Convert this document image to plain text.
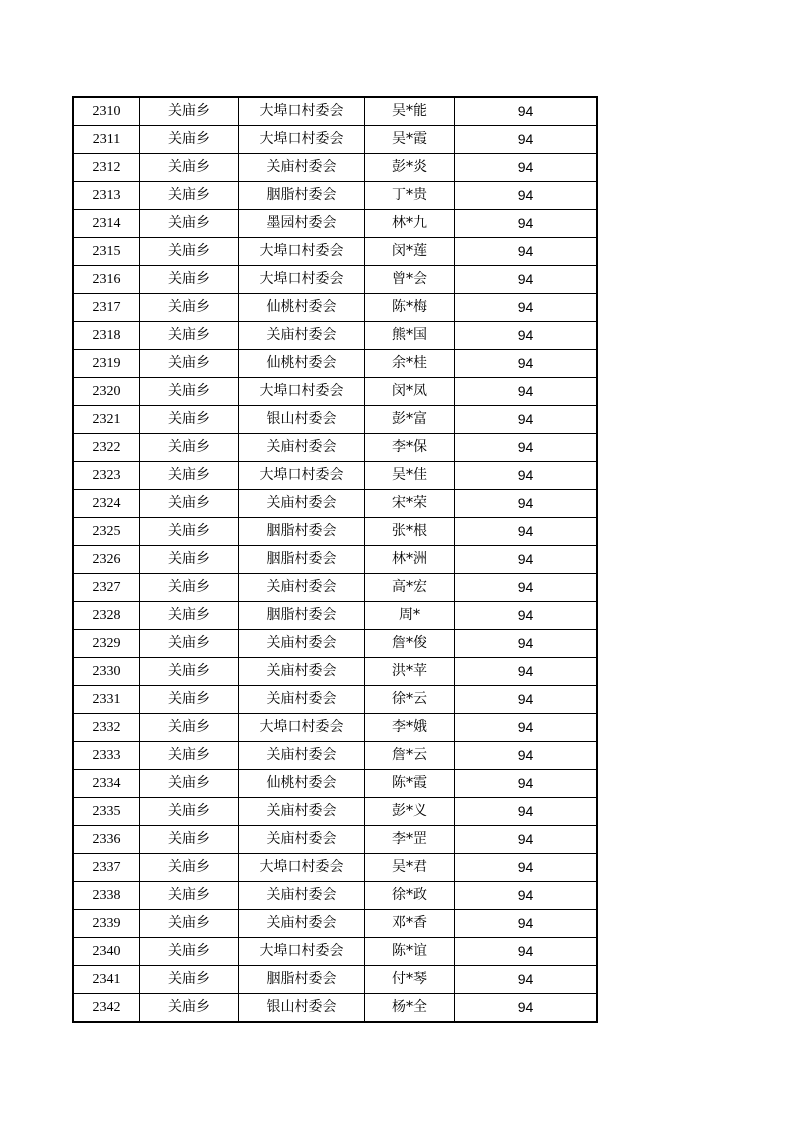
2310	关庙乡	大埠口村委会	吴*能	94
2311	关庙乡	大埠口村委会	吴*霞	94
2312	关庙乡	关庙村委会	彭*炎	94
2313	关庙乡	胭脂村委会	丁*贵	94
2314	关庙乡	墨园村委会	林*九	94
2315	关庙乡	大埠口村委会	闵*莲	94
2316	关庙乡	大埠口村委会	曾*会	94
2317	关庙乡	仙桃村委会	陈*梅	94
2318	关庙乡	关庙村委会	熊*国	94
2319	关庙乡	仙桃村委会	余*桂	94
2320	关庙乡	大埠口村委会	闵*凤	94
2321	关庙乡	银山村委会	彭*富	94
2322	关庙乡	关庙村委会	李*保	94
2323	关庙乡	大埠口村委会	吴*佳	94
2324	关庙乡	关庙村委会	宋*荣	94
2325	关庙乡	胭脂村委会	张*根	94
2326	关庙乡	胭脂村委会	林*洲	94
2327	关庙乡	关庙村委会	高*宏	94
2328	关庙乡	胭脂村委会	周*	94
2329	关庙乡	关庙村委会	詹*俊	94
2330	关庙乡	关庙村委会	洪*苹	94
2331	关庙乡	关庙村委会	徐*云	94
2332	关庙乡	大埠口村委会	李*娥	94
2333	关庙乡	关庙村委会	詹*云	94
2334	关庙乡	仙桃村委会	陈*霞	94
2335	关庙乡	关庙村委会	彭*义	94
2336	关庙乡	关庙村委会	李*罡	94
2337	关庙乡	大埠口村委会	吴*君	94
2338	关庙乡	关庙村委会	徐*政	94
2339	关庙乡	关庙村委会	邓*香	94
2340	关庙乡	大埠口村委会	陈*谊	94
2341	关庙乡	胭脂村委会	付*琴	94
2342	关庙乡	银山村委会	杨*全	94
